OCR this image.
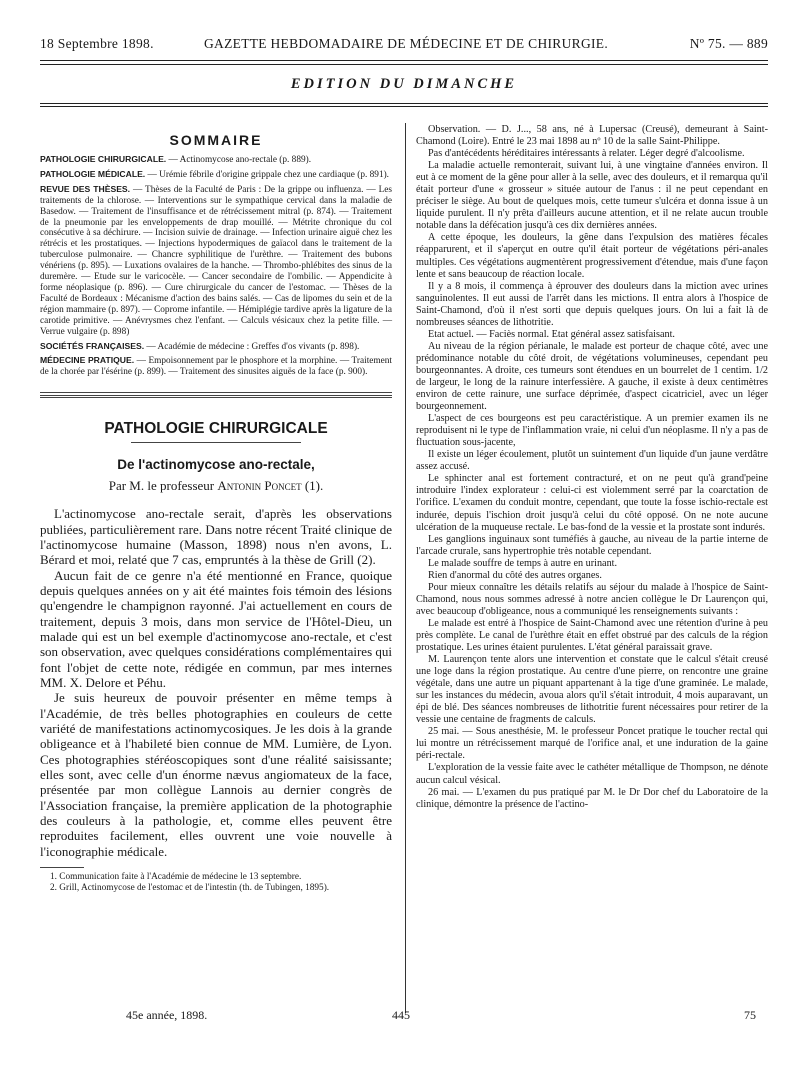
18 Septembre 1898.	GAZETTE HEBDOMADAIRE DE MÉDECINE ET DE CHIRURGIE.	Nº 75. — 889
EDITION DU DIMANCHE
SOMMAIRE

PATHOLOGIE CHIRURGICALE. — Actinomycose ano-rectale (p. 889).

PATHOLOGIE MÉDICALE. — Urémie fébrile d'origine grippale chez une cardiaque (p. 891).

REVUE DES THÈSES. — Thèses de la Faculté de Paris : De la grippe ou influenza. — Les traitements de la chlorose. — Interventions sur le sympathique cervical dans la maladie de Basedow. — Traitement de l'insuffisance et de rétrécissement mitral (p. 874). — Traitement de la pneumonie par les enveloppements de drap mouillé. — Métrite chronique du col consécutive à sa déchirure. — Incision suivie de drainage. — Infection urinaire aiguë chez les rétrécis et les prostatiques. — Injections hypodermiques de gaïacol dans le traitement de la tuberculose pulmonaire. — Chancre syphilitique de l'urèthre. — Traitement des bubons vénériens (p. 895). — Luxations ovalaires de la hanche. — Thrombo-phlébites des sinus de la duremère. — Etude sur le varicocèle. — Cancer secondaire de l'ombilic. — Appendicite à forme néoplasique (p. 896). — Cure chirurgicale du cancer de l'estomac. — Thèses de la Faculté de Bordeaux : Mécanisme d'action des bains salés. — Cas de lipomes du sein et de la région mammaire (p. 897). — Coprome infantile. — Hémiplégie tardive après la ligature de la carotide primitive. — Anévrysmes chez l'enfant. — Calculs vésicaux chez la petite fille. — Verrue vulgaire (p. 898)

SOCIÉTÉS FRANÇAISES. — Académie de médecine : Greffes d'os vivants (p. 898).

MÉDECINE PRATIQUE. — Empoisonnement par le phosphore et la morphine. — Traitement de la chorée par l'ésérine (p. 899). — Traitement des sinusites aiguës de la face (p. 900).

PATHOLOGIE CHIRURGICALE
De l'actinomycose ano-rectale,
Par M. le professeur Antonin Poncet (1).

L'actinomycose ano-rectale serait, d'après les observations publiées, particulièrement rare. Dans notre récent Traité clinique de l'actinomycose humaine (Masson, 1898) nous n'en avons, L. Bérard et moi, relaté que 7 cas, empruntés à la thèse de Grill (2).

Aucun fait de ce genre n'a été mentionné en France, quoique depuis quelques années on y ait été maintes fois témoin des lésions qu'engendre le champignon rayonné. J'ai actuellement en cours de traitement, depuis 3 mois, dans mon service de l'Hôtel-Dieu, un malade qui est un bel exemple d'actinomycose ano-rectale, et c'est son observation, avec quelques considérations complémentaires qui font l'objet de cette note, rédigée en commun, par mes internes MM. X. Delore et Péhu.

Je suis heureux de pouvoir présenter en même temps à l'Académie, de très belles photographies en couleurs de cette variété de manifestations actinomycosiques. Je les dois à la grande obligeance et à l'habileté bien connue de MM. Lumière, de Lyon. Ces photographies stéréoscopiques sont d'une réalité saisissante; elles sont, avec celle d'un énorme nævus angiomateux de la face, présentée par mon collègue Lannois au dernier congrès de l'Association française, la première application de la photographie des couleurs à la pathologie, et, comme elles peuvent être reproduites facilement, elles ouvrent une voie nouvelle à l'iconographie médicale.

1. Communication faite à l'Académie de médecine le 13 septembre.

2. Grill, Actinomycose de l'estomac et de l'intestin (th. de Tubingen, 1895).

Observation. — D. J..., 58 ans, né à Lupersac (Creusé), demeurant à Saint-Chamond (Loire). Entré le 23 mai 1898 au nº 10 de la salle Saint-Philippe.

Pas d'antécédents héréditaires intéressants à relater. Léger degré d'alcoolisme.

La maladie actuelle remonterait, suivant lui, à une vingtaine d'années environ. Il eut à ce moment de la gêne pour aller à la selle, avec des douleurs, et il remarqua qu'il était porteur d'une « grosseur » située autour de l'anus : il ne peut cependant en préciser le siège. Au bout de quelques mois, cette tumeur s'ulcéra et donna issue à un liquide purulent. Il n'y prêta d'ailleurs aucune attention, et il ne relate aucun trouble notable dans la défécation jusqu'à ces dix dernières années.

A cette époque, les douleurs, la gêne dans l'expulsion des matières fécales réapparurent, et il s'aperçut en outre qu'il était porteur de végétations péri-anales multiples. Ces végétations augmentèrent progressivement d'étendue, mais d'une façon lente et sans beaucoup de réaction locale.

Il y a 8 mois, il commença à éprouver des douleurs dans la miction avec urines sanguinolentes. Il eut aussi de l'arrêt dans les mictions. Il entra alors à l'hospice de Saint-Chamond, d'où il n'est sorti que depuis quelques jours. On lui a fait là de nombreuses séances de lithotritie.

Etat actuel. — Faciès normal. Etat général assez satisfaisant.

Au niveau de la région périanale, le malade est porteur de chaque côté, avec une prédominance notable du côté droit, de végétations volumineuses, cependant peu bourgeonnantes. A droite, ces tumeurs sont étendues en un bourrelet de 1 centim. 1/2 de largeur, le long de la rainure interfessière. A gauche, il existe à deux centimètres environ de cette rainure, une surface déprimée, d'aspect cicatriciel, avec un léger bourgeonnement.

L'aspect de ces bourgeons est peu caractéristique. A un premier examen ils ne reproduisent ni le type de l'inflammation vraie, ni celui d'un néoplasme. Il n'y a pas de fluctuation sous-jacente,

Il existe un léger écoulement, plutôt un suintement d'un liquide d'un jaune verdâtre assez accusé.

Le sphincter anal est fortement contracturé, et on ne peut qu'à grand'peine introduire l'index explorateur : celui-ci est violemment serré par la coarctation de l'orifice. L'examen du conduit montre, cependant, que toute la fosse ischio-rectale est indurée, depuis l'ischion droit jusqu'à celui du côté opposé. On ne note aucune ulcération de la muqueuse rectale. Le bas-fond de la vessie et la prostate sont indurés.

Les ganglions inguinaux sont tuméfiés à gauche, au niveau de la partie interne de l'arcade crurale, sans hypertrophie très notable cependant.

Le malade souffre de temps à autre en urinant.

Rien d'anormal du côté des autres organes.

Pour mieux connaître les détails relatifs au séjour du malade à l'hospice de Saint-Chamond, nous nous sommes adressé à notre ancien collègue le Dr Laurençon qui, avec beaucoup d'obligeance, nous a communiqué les renseignements suivants :

Le malade est entré à l'hospice de Saint-Chamond avec une rétention d'urine à peu près complète. Le canal de l'urèthre était en effet obstrué par des calculs de la région prostatique. Les urines étaient purulentes. L'état général paraissait grave.

M. Laurençon tente alors une intervention et constate que le calcul s'était creusé une loge dans la région prostatique. Au centre d'une pierre, on rencontre une graine végétale, dans une autre un piquant appartenant à la tige d'une graminée. Le malade, sur les instances du médecin, avoua alors qu'il s'était introduit, 4 mois auparavant, un épi de blé. Des séances nombreuses de lithotritie furent nécessaires pour retirer de la vessie une centaine de fragments de calculs.

25 mai. — Sous anesthésie, M. le professeur Poncet pratique le toucher rectal qui lui montre un rétrécissement marqué de l'orifice anal, et une induration de la gaine péri-rectale.

L'exploration de la vessie faite avec le cathéter métallique de Thompson, ne dénote aucun calcul vésical.

26 mai. — L'examen du pus pratiqué par M. le Dr Dor chef du Laboratoire de la clinique, démontre la présence de l'actino-

45e année, 1898.	445	75
